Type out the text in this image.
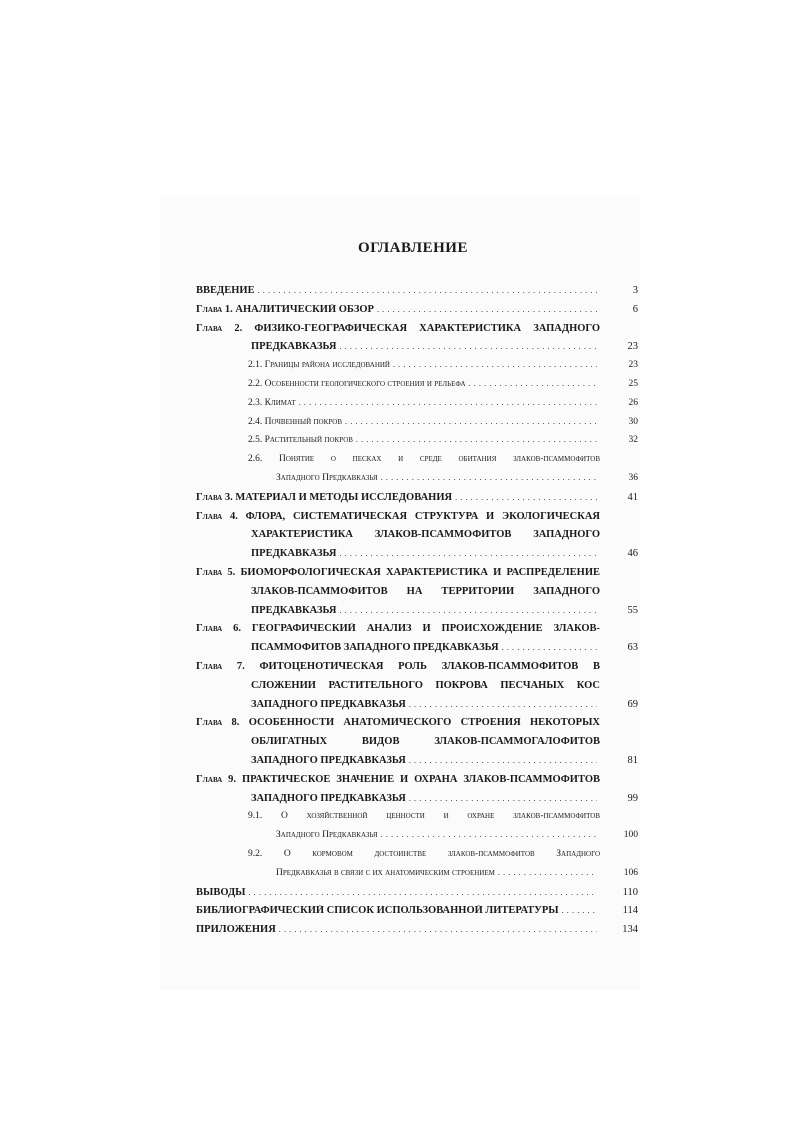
ОГЛАВЛЕНИЕ
ВВЕДЕНИЕ . . .	3
Глава 1. АНАЛИТИЧЕСКИЙ ОБЗОР . . .	6
Глава 2. ФИЗИКО-ГЕОГРАФИЧЕСКАЯ ХАРАКТЕРИСТИКА ЗАПАДНОГО
ПРЕДКАВКАЗЬЯ . . .	23
2.1. Границы района исследований . . .	23
2.2. Особенности геологического строения и рельефа . . .	25
2.3. Климат . . .	26
2.4. Почвенный покров . . .	30
2.5. Растительный покров . . .	32
2.6. Понятие о песках и среде обитания злаков-псаммофитов
Западного Предкавказья . . .	36
Глава 3. МАТЕРИАЛ И МЕТОДЫ ИССЛЕДОВАНИЯ . . .	41
Глава 4. ФЛОРА, СИСТЕМАТИЧЕСКАЯ СТРУКТУРА И ЭКОЛОГИЧЕСКАЯ
ХАРАКТЕРИСТИКА ЗЛАКОВ-ПСАММОФИТОВ ЗАПАДНОГО
ПРЕДКАВКАЗЬЯ . . .	46
Глава 5. БИОМОРФОЛОГИЧЕСКАЯ ХАРАКТЕРИСТИКА И РАСПРЕДЕЛЕНИЕ
ЗЛАКОВ-ПСАММОФИТОВ НА ТЕРРИТОРИИ ЗАПАДНОГО
ПРЕДКАВКАЗЬЯ . . .	55
Глава 6. ГЕОГРАФИЧЕСКИЙ АНАЛИЗ И ПРОИСХОЖДЕНИЕ ЗЛАКОВ-
ПСАММОФИТОВ ЗАПАДНОГО ПРЕДКАВКАЗЬЯ . . .	63
Глава 7. ФИТОЦЕНОТИЧЕСКАЯ РОЛЬ ЗЛАКОВ-ПСАММОФИТОВ В
СЛОЖЕНИИ РАСТИТЕЛЬНОГО ПОКРОВА ПЕСЧАНЫХ КОС
ЗАПАДНОГО ПРЕДКАВКАЗЬЯ . . .	69
Глава 8. ОСОБЕННОСТИ АНАТОМИЧЕСКОГО СТРОЕНИЯ НЕКОТОРЫХ
ОБЛИГАТНЫХ ВИДОВ ЗЛАКОВ-ПСАММОГАЛОФИТОВ
ЗАПАДНОГО ПРЕДКАВКАЗЬЯ . . .	81
Глава 9. ПРАКТИЧЕСКОЕ ЗНАЧЕНИЕ И ОХРАНА ЗЛАКОВ-ПСАММОФИТОВ
ЗАПАДНОГО ПРЕДКАВКАЗЬЯ . . .	99
9.1. О хозяйственной ценности и охране злаков-псаммофитов
Западного Предкавказья . . .	100
9.2. О кормовом достоинстве злаков-псаммофитов Западного
Предкавказья в связи с их анатомическим строением . . .	106
ВЫВОДЫ . . .	110
БИБЛИОГРАФИЧЕСКИЙ СПИСОК ИСПОЛЬЗОВАННОЙ ЛИТЕРАТУРЫ . . .	114
ПРИЛОЖЕНИЯ . . .	134
